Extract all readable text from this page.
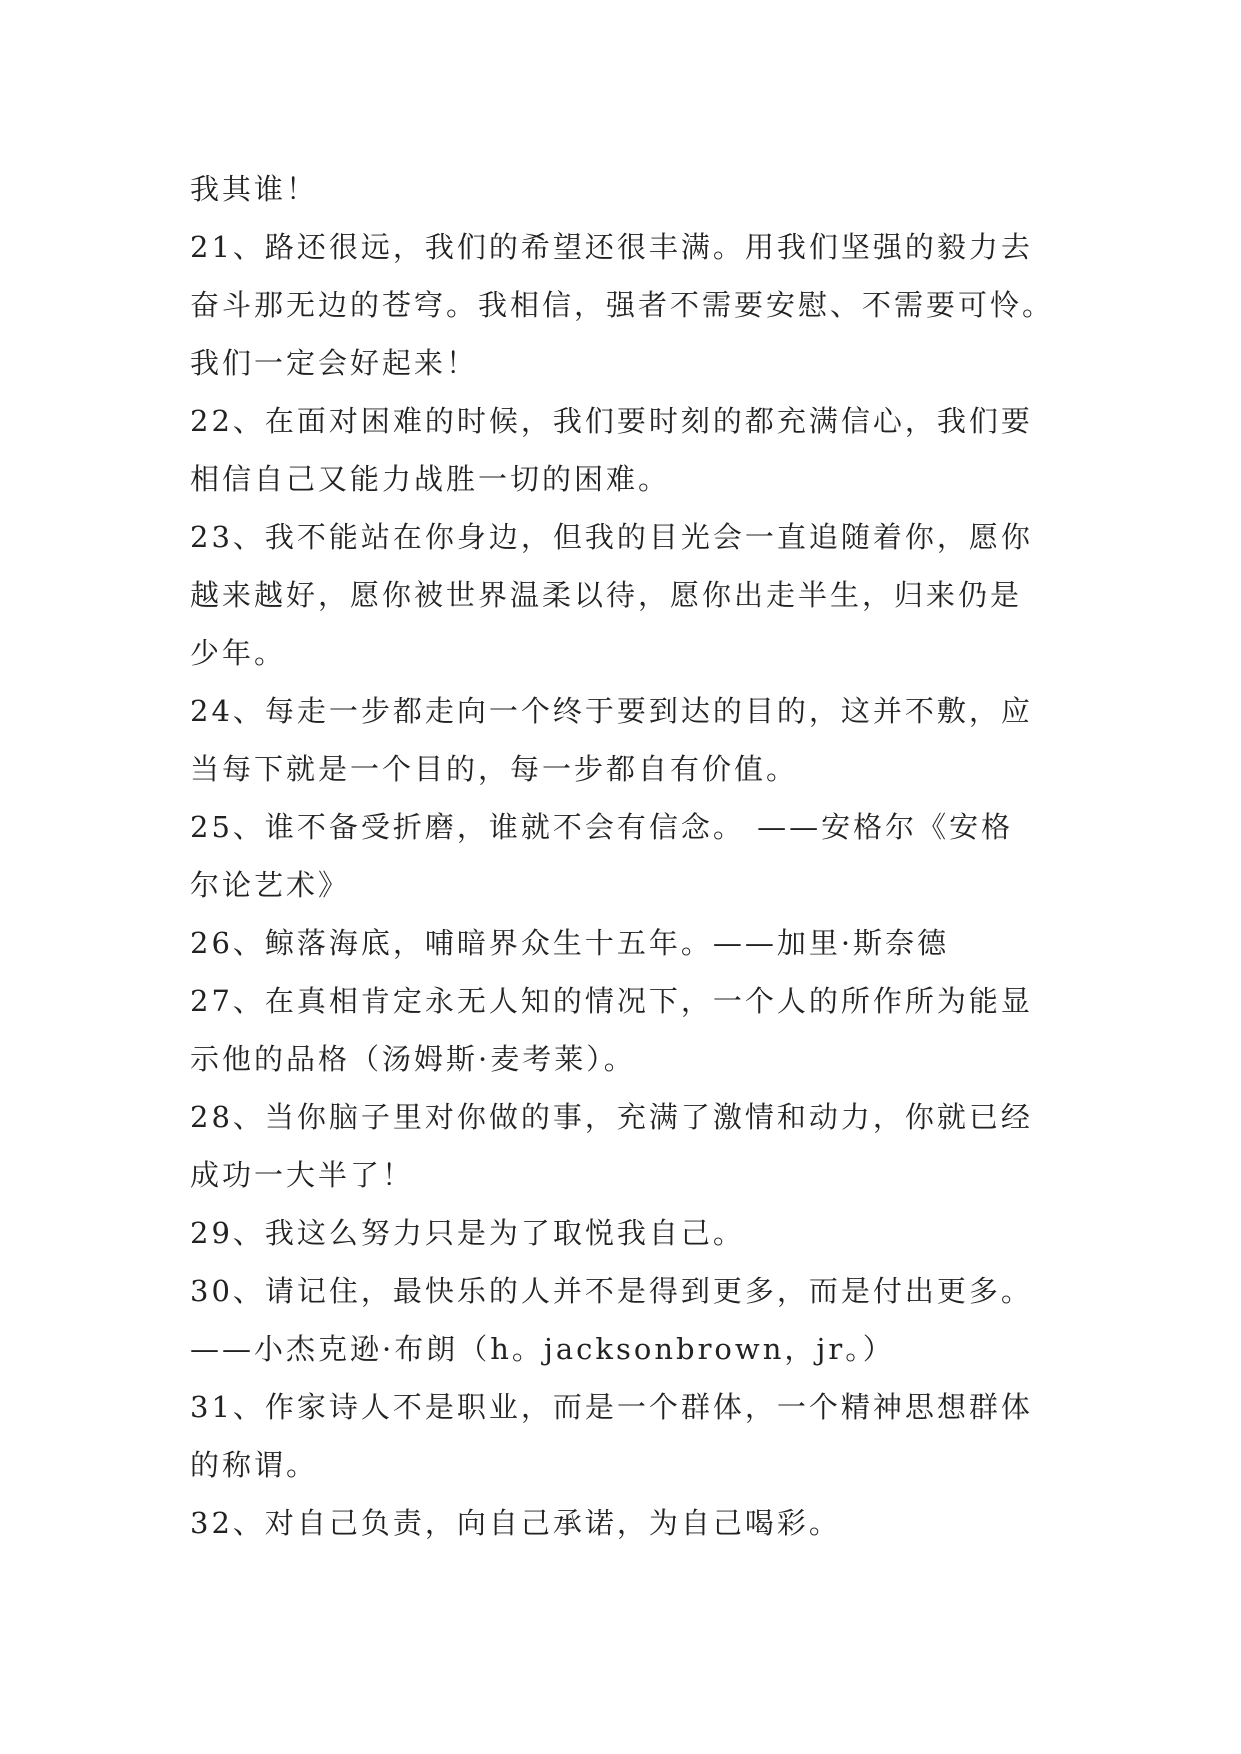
我其谁！
21、路还很远，我们的希望还很丰满。用我们坚强的毅力去
奋斗那无边的苍穹。我相信，强者不需要安慰、不需要可怜。
我们一定会好起来！
22、在面对困难的时候，我们要时刻的都充满信心，我们要
相信自己又能力战胜一切的困难。
23、我不能站在你身边，但我的目光会一直追随着你，愿你
越来越好，愿你被世界温柔以待，愿你出走半生，归来仍是
少年。
24、每走一步都走向一个终于要到达的目的，这并不敷，应
当每下就是一个目的，每一步都自有价值。
25、谁不备受折磨，谁就不会有信念。 ——安格尔《安格
尔论艺术》
26、鲸落海底，哺暗界众生十五年。——加里·斯奈德
27、在真相肯定永无人知的情况下，一个人的所作所为能显
示他的品格（汤姆斯·麦考莱）。
28、当你脑子里对你做的事，充满了激情和动力，你就已经
成功一大半了！
29、我这么努力只是为了取悦我自己。
30、请记住，最快乐的人并不是得到更多，而是付出更多。
——小杰克逊·布朗（h。jacksonbrown，jr。）
31、作家诗人不是职业，而是一个群体，一个精神思想群体
的称谓。
32、对自己负责，向自己承诺，为自己喝彩。
